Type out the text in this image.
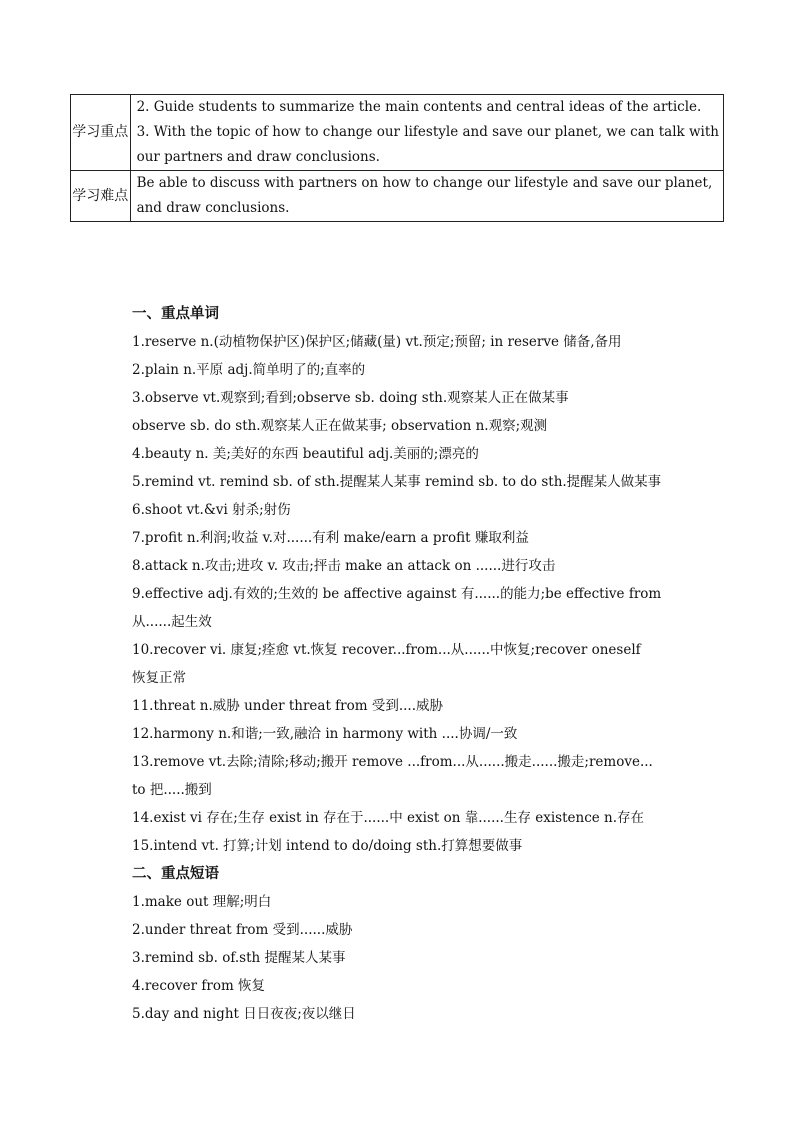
学习重点	2. Guide students to summarize the main contents and central ideas of the article.
3. With the topic of how to change our lifestyle and save our planet, we can talk with
our partners and draw conclusions.

学习难点	Be able to discuss with partners on how to change our lifestyle and save our planet,
and draw conclusions.
一、重点单词
1.reserve n.(动植物保护区)保护区;储藏(量) vt.预定;预留; in reserve 储备,备用
2.plain n.平原 adj.简单明了的;直率的
3.observe vt.观察到;看到;observe sb. doing sth.观察某人正在做某事
observe sb. do sth.观察某人正在做某事; observation n.观察;观测
4.beauty n. 美;美好的东西 beautiful adj.美丽的;漂亮的
5.remind vt. remind sb. of sth.提醒某人某事 remind sb. to do sth.提醒某人做某事
6.shoot vt.&vi 射杀;射伤
7.profit n.利润;收益 v.对......有利 make/earn a profit 赚取利益
8.attack n.攻击;进攻 v. 攻击;抨击 make an attack on ......进行攻击
9.effective adj.有效的;生效的 be affective against 有......的能力;be effective from
从......起生效
10.recover vi. 康复;痊愈 vt.恢复 recover...from...从......中恢复;recover oneself
恢复正常
11.threat n.威胁 under threat from 受到....威胁
12.harmony n.和谐;一致,融洽 in harmony with ....协调/一致
13.remove vt.去除;清除;移动;搬开 remove ...from...从......搬走......搬走;remove...
to 把.....搬到
14.exist vi 存在;生存 exist in 存在于......中 exist on 靠......生存 existence n.存在
15.intend vt. 打算;计划 intend to do/doing sth.打算想要做事
二、重点短语
1.make out 理解;明白
2.under threat from 受到......威胁
3.remind sb. of.sth 提醒某人某事
4.recover from 恢复
5.day and night 日日夜夜;夜以继日
